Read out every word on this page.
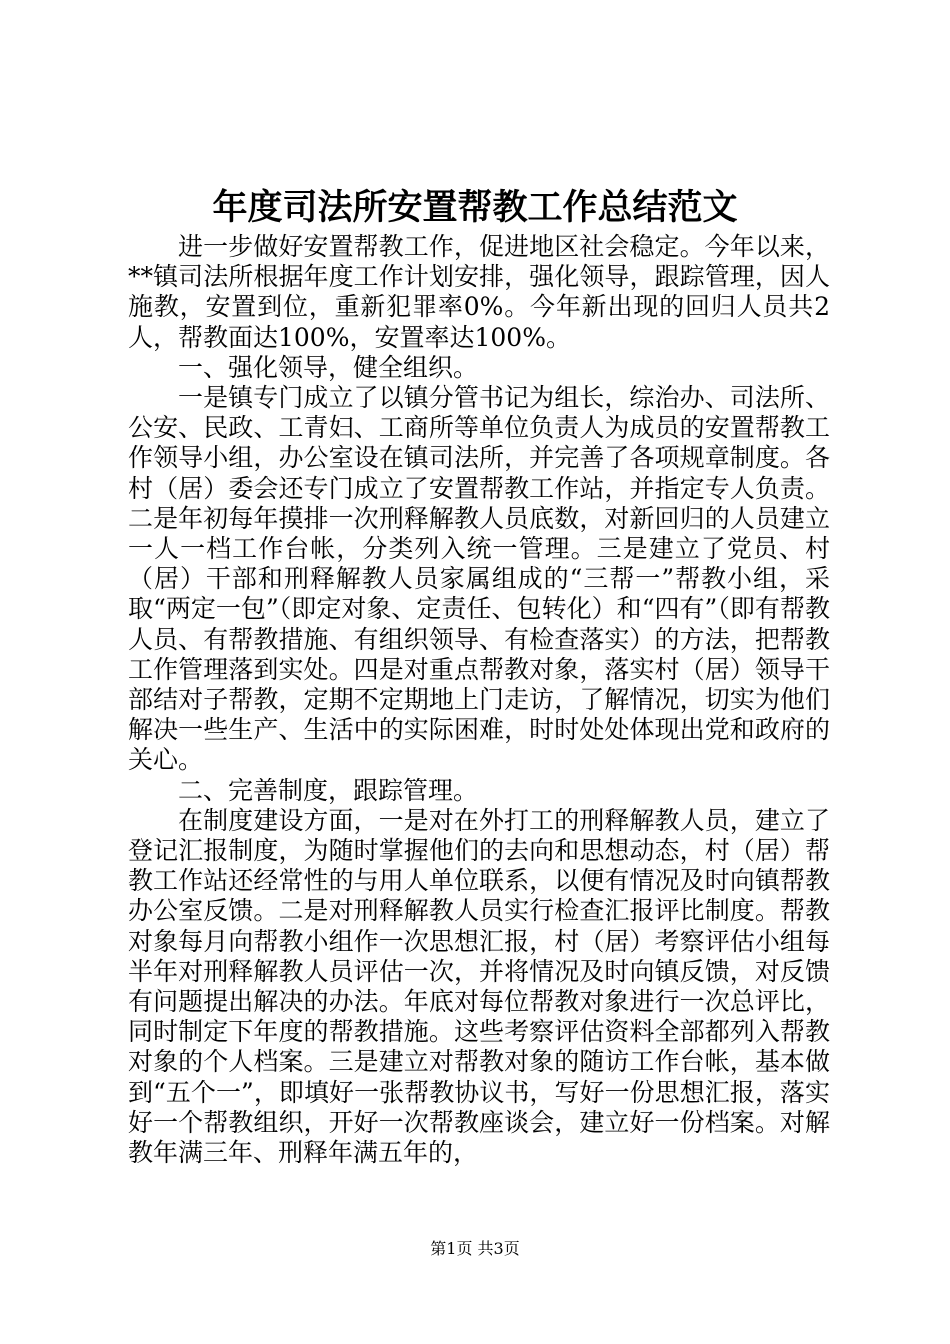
年度司法所安置帮教工作总结范文

进一步做好安置帮教工作，促进地区社会稳定。今年以来，**镇司法所根据年度工作计划安排，强化领导，跟踪管理，因人施教，安置到位，重新犯罪率0%。今年新出现的回归人员共2人，帮教面达100%，安置率达100%。

一、强化领导，健全组织。

一是镇专门成立了以镇分管书记为组长，综治办、司法所、公安、民政、工青妇、工商所等单位负责人为成员的安置帮教工作领导小组，办公室设在镇司法所，并完善了各项规章制度。各村（居）委会还专门成立了安置帮教工作站，并指定专人负责。二是年初每年摸排一次刑释解教人员底数，对新回归的人员建立一人一档工作台帐，分类列入统一管理。三是建立了党员、村（居）干部和刑释解教人员家属组成的“三帮一”帮教小组，采取“两定一包”（即定对象、定责任、包转化）和“四有”（即有帮教人员、有帮教措施、有组织领导、有检查落实）的方法，把帮教工作管理落到实处。四是对重点帮教对象，落实村（居）领导干部结对子帮教，定期不定期地上门走访，了解情况，切实为他们解决一些生产、生活中的实际困难，时时处处体现出党和政府的关心。

二、完善制度，跟踪管理。

在制度建设方面，一是对在外打工的刑释解教人员，建立了登记汇报制度，为随时掌握他们的去向和思想动态，村（居）帮教工作站还经常性的与用人单位联系，以便有情况及时向镇帮教办公室反馈。二是对刑释解教人员实行检查汇报评比制度。帮教对象每月向帮教小组作一次思想汇报，村（居）考察评估小组每半年对刑释解教人员评估一次，并将情况及时向镇反馈，对反馈有问题提出解决的办法。年底对每位帮教对象进行一次总评比，同时制定下年度的帮教措施。这些考察评估资料全部都列入帮教对象的个人档案。三是建立对帮教对象的随访工作台帐，基本做到“五个一”，即填好一张帮教协议书，写好一份思想汇报，落实好一个帮教组织，开好一次帮教座谈会，建立好一份档案。对解教年满三年、刑释年满五年的，

第1页 共3页
